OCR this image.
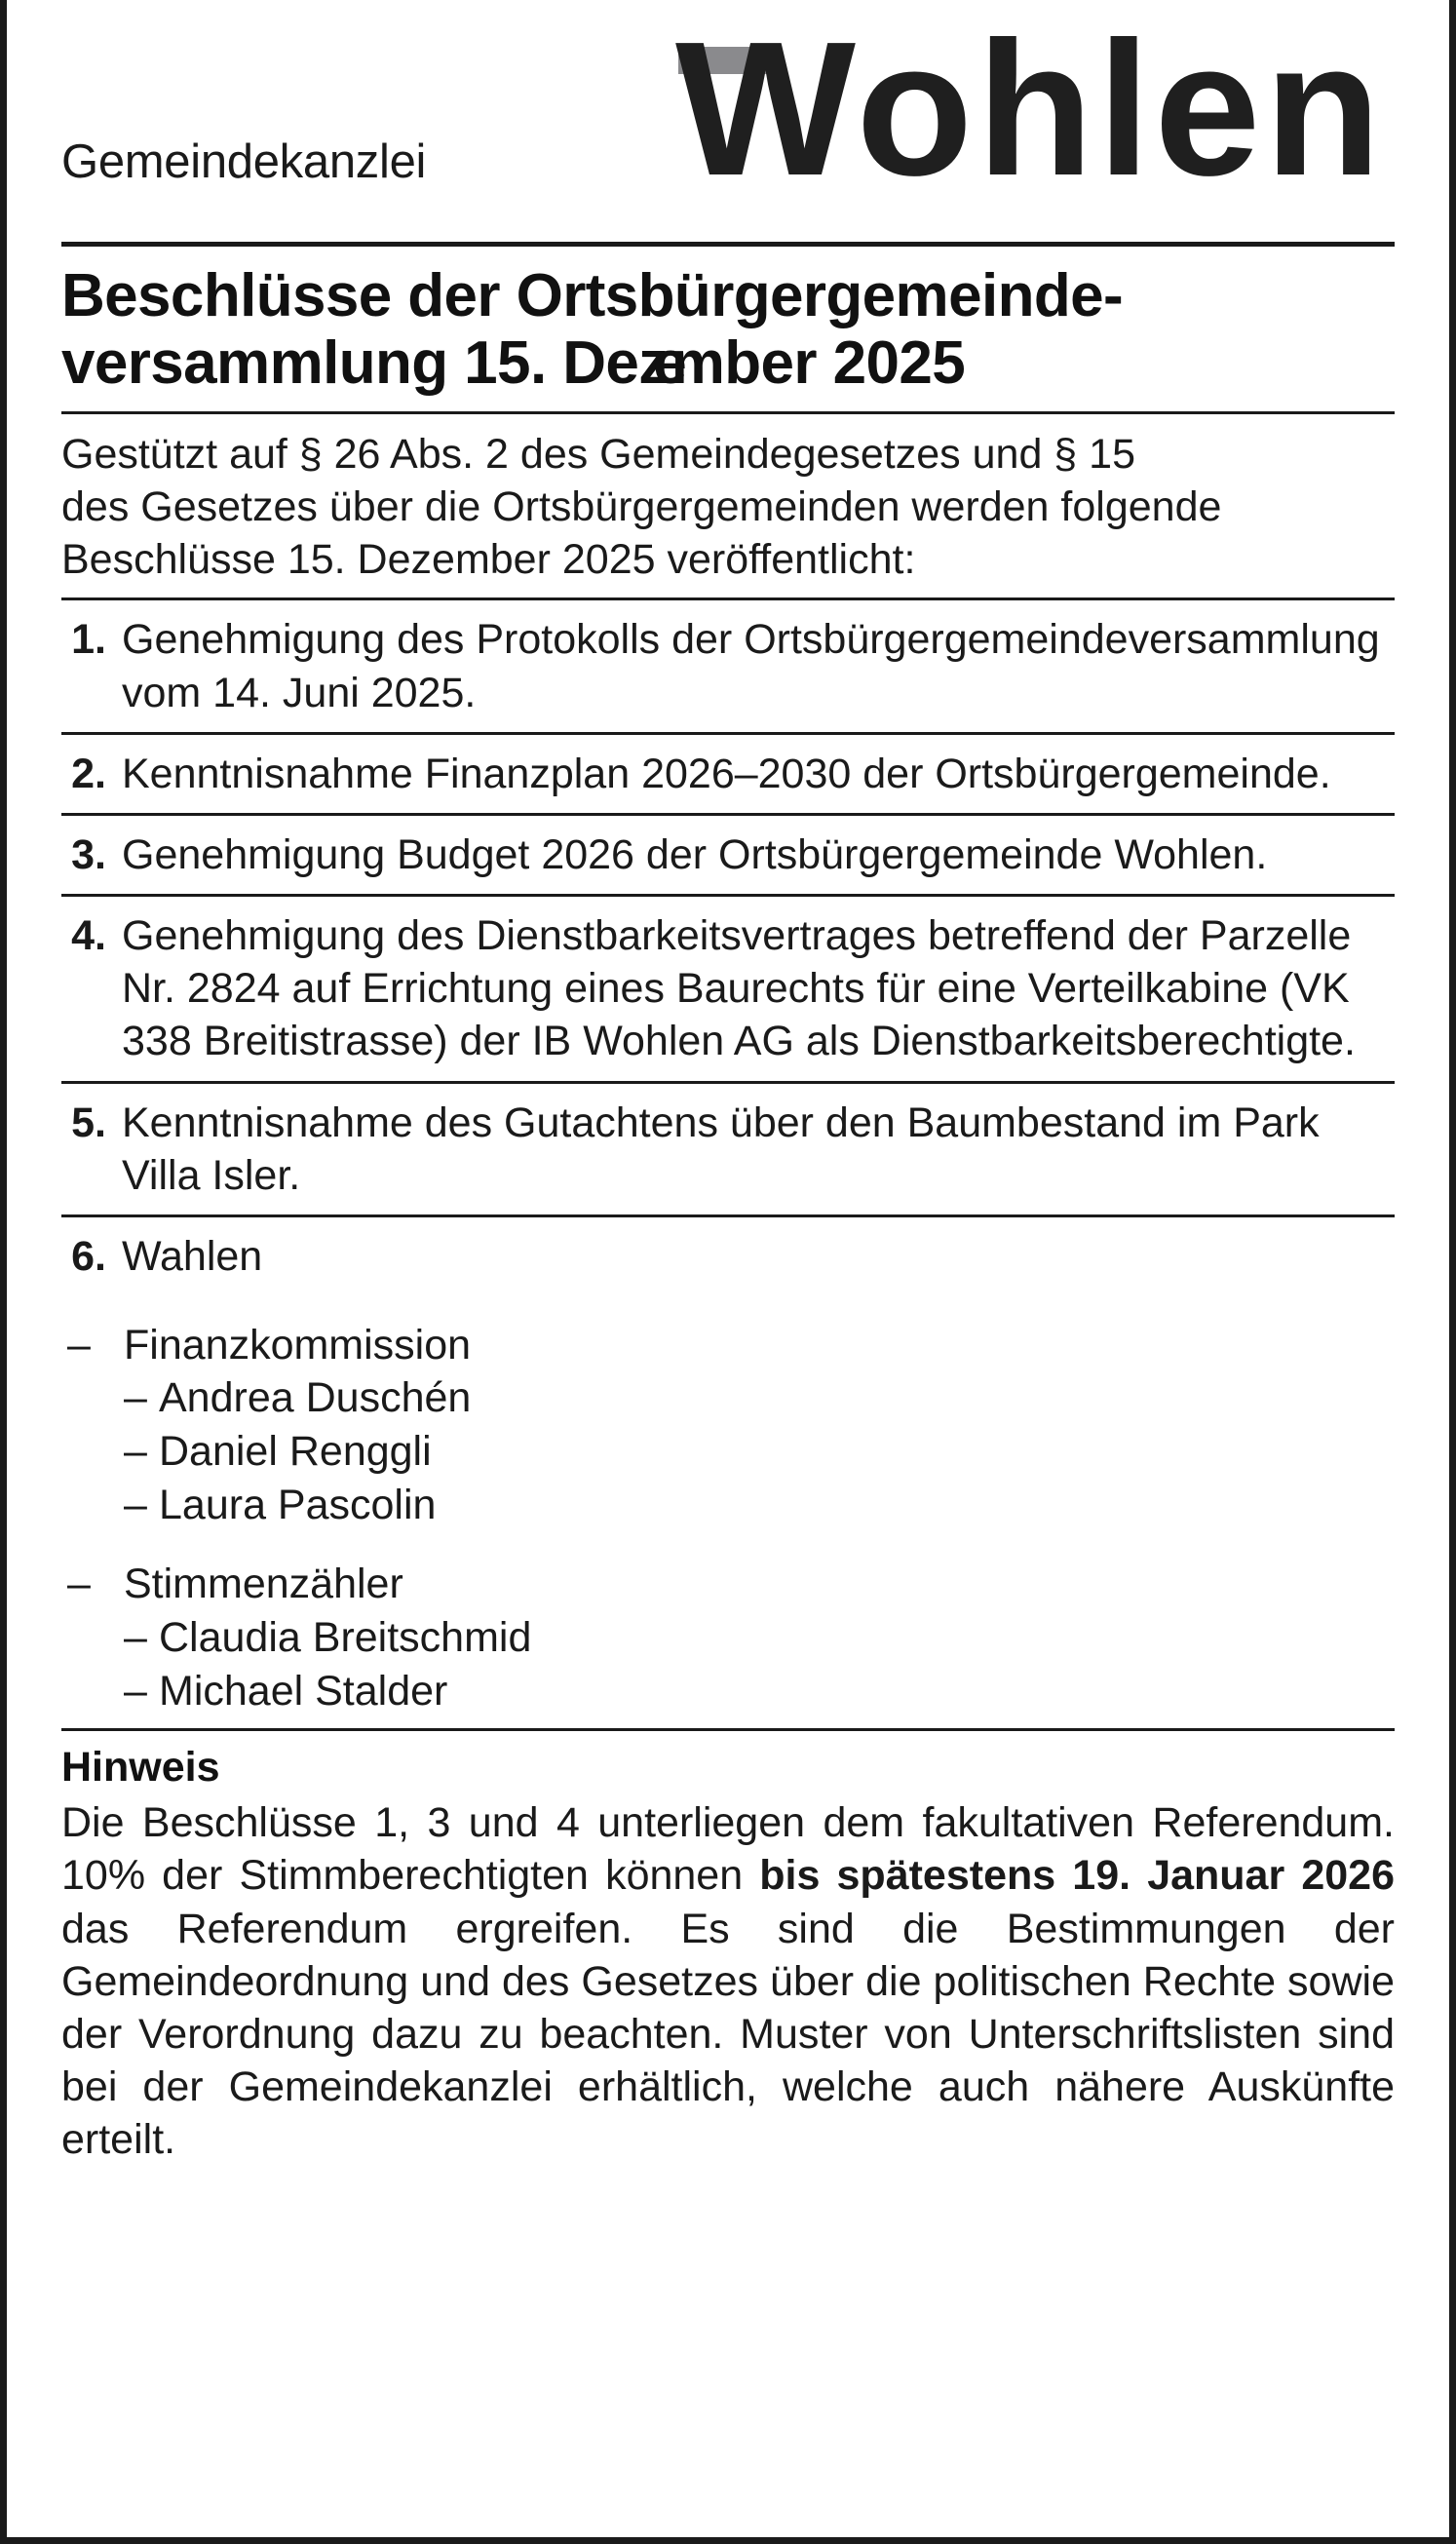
Gemeindekanzlei Wohlen
Beschlüsse der Ortsbürgergemeinde-
versammlung 15. Dezember 2025
Gestützt auf § 26 Abs. 2 des Gemeindegesetzes und § 15
des Gesetzes über die Ortsbürgergemeinden werden folgende
Beschlüsse 15. Dezember 2025 veröffentlicht:
1. Genehmigung des Protokolls der Ortsbürgergemeindeversammlung vom 14. Juni 2025.
2. Kenntnisnahme Finanzplan 2026–2030 der Ortsbürgergemeinde.
3. Genehmigung Budget 2026 der Ortsbürgergemeinde Wohlen.
4. Genehmigung des Dienstbarkeitsvertrages betreffend der Parzelle Nr. 2824 auf Errichtung eines Baurechts für eine Verteilkabine (VK 338 Breitistrasse) der IB Wohlen AG als Dienstbarkeitsberechtigte.
5. Kenntnisnahme des Gutachtens über den Baumbestand im Park Villa Isler.
6. Wahlen
– Finanzkommission
– Andrea Duschén
– Daniel Renggli
– Laura Pascolin
– Stimmenzähler
– Claudia Breitschmid
– Michael Stalder
Hinweis

Die Beschlüsse 1, 3 und 4 unterliegen dem fakultativen Referendum. 10% der Stimmberechtigten können bis spätestens 19. Januar 2026 das Referendum ergreifen. Es sind die Bestimmungen der Gemeindeordnung und des Gesetzes über die politischen Rechte sowie der Verordnung dazu zu beachten. Muster von Unterschriftslisten sind bei der Gemeindekanzlei erhältlich, welche auch nähere Auskünfte erteilt.
